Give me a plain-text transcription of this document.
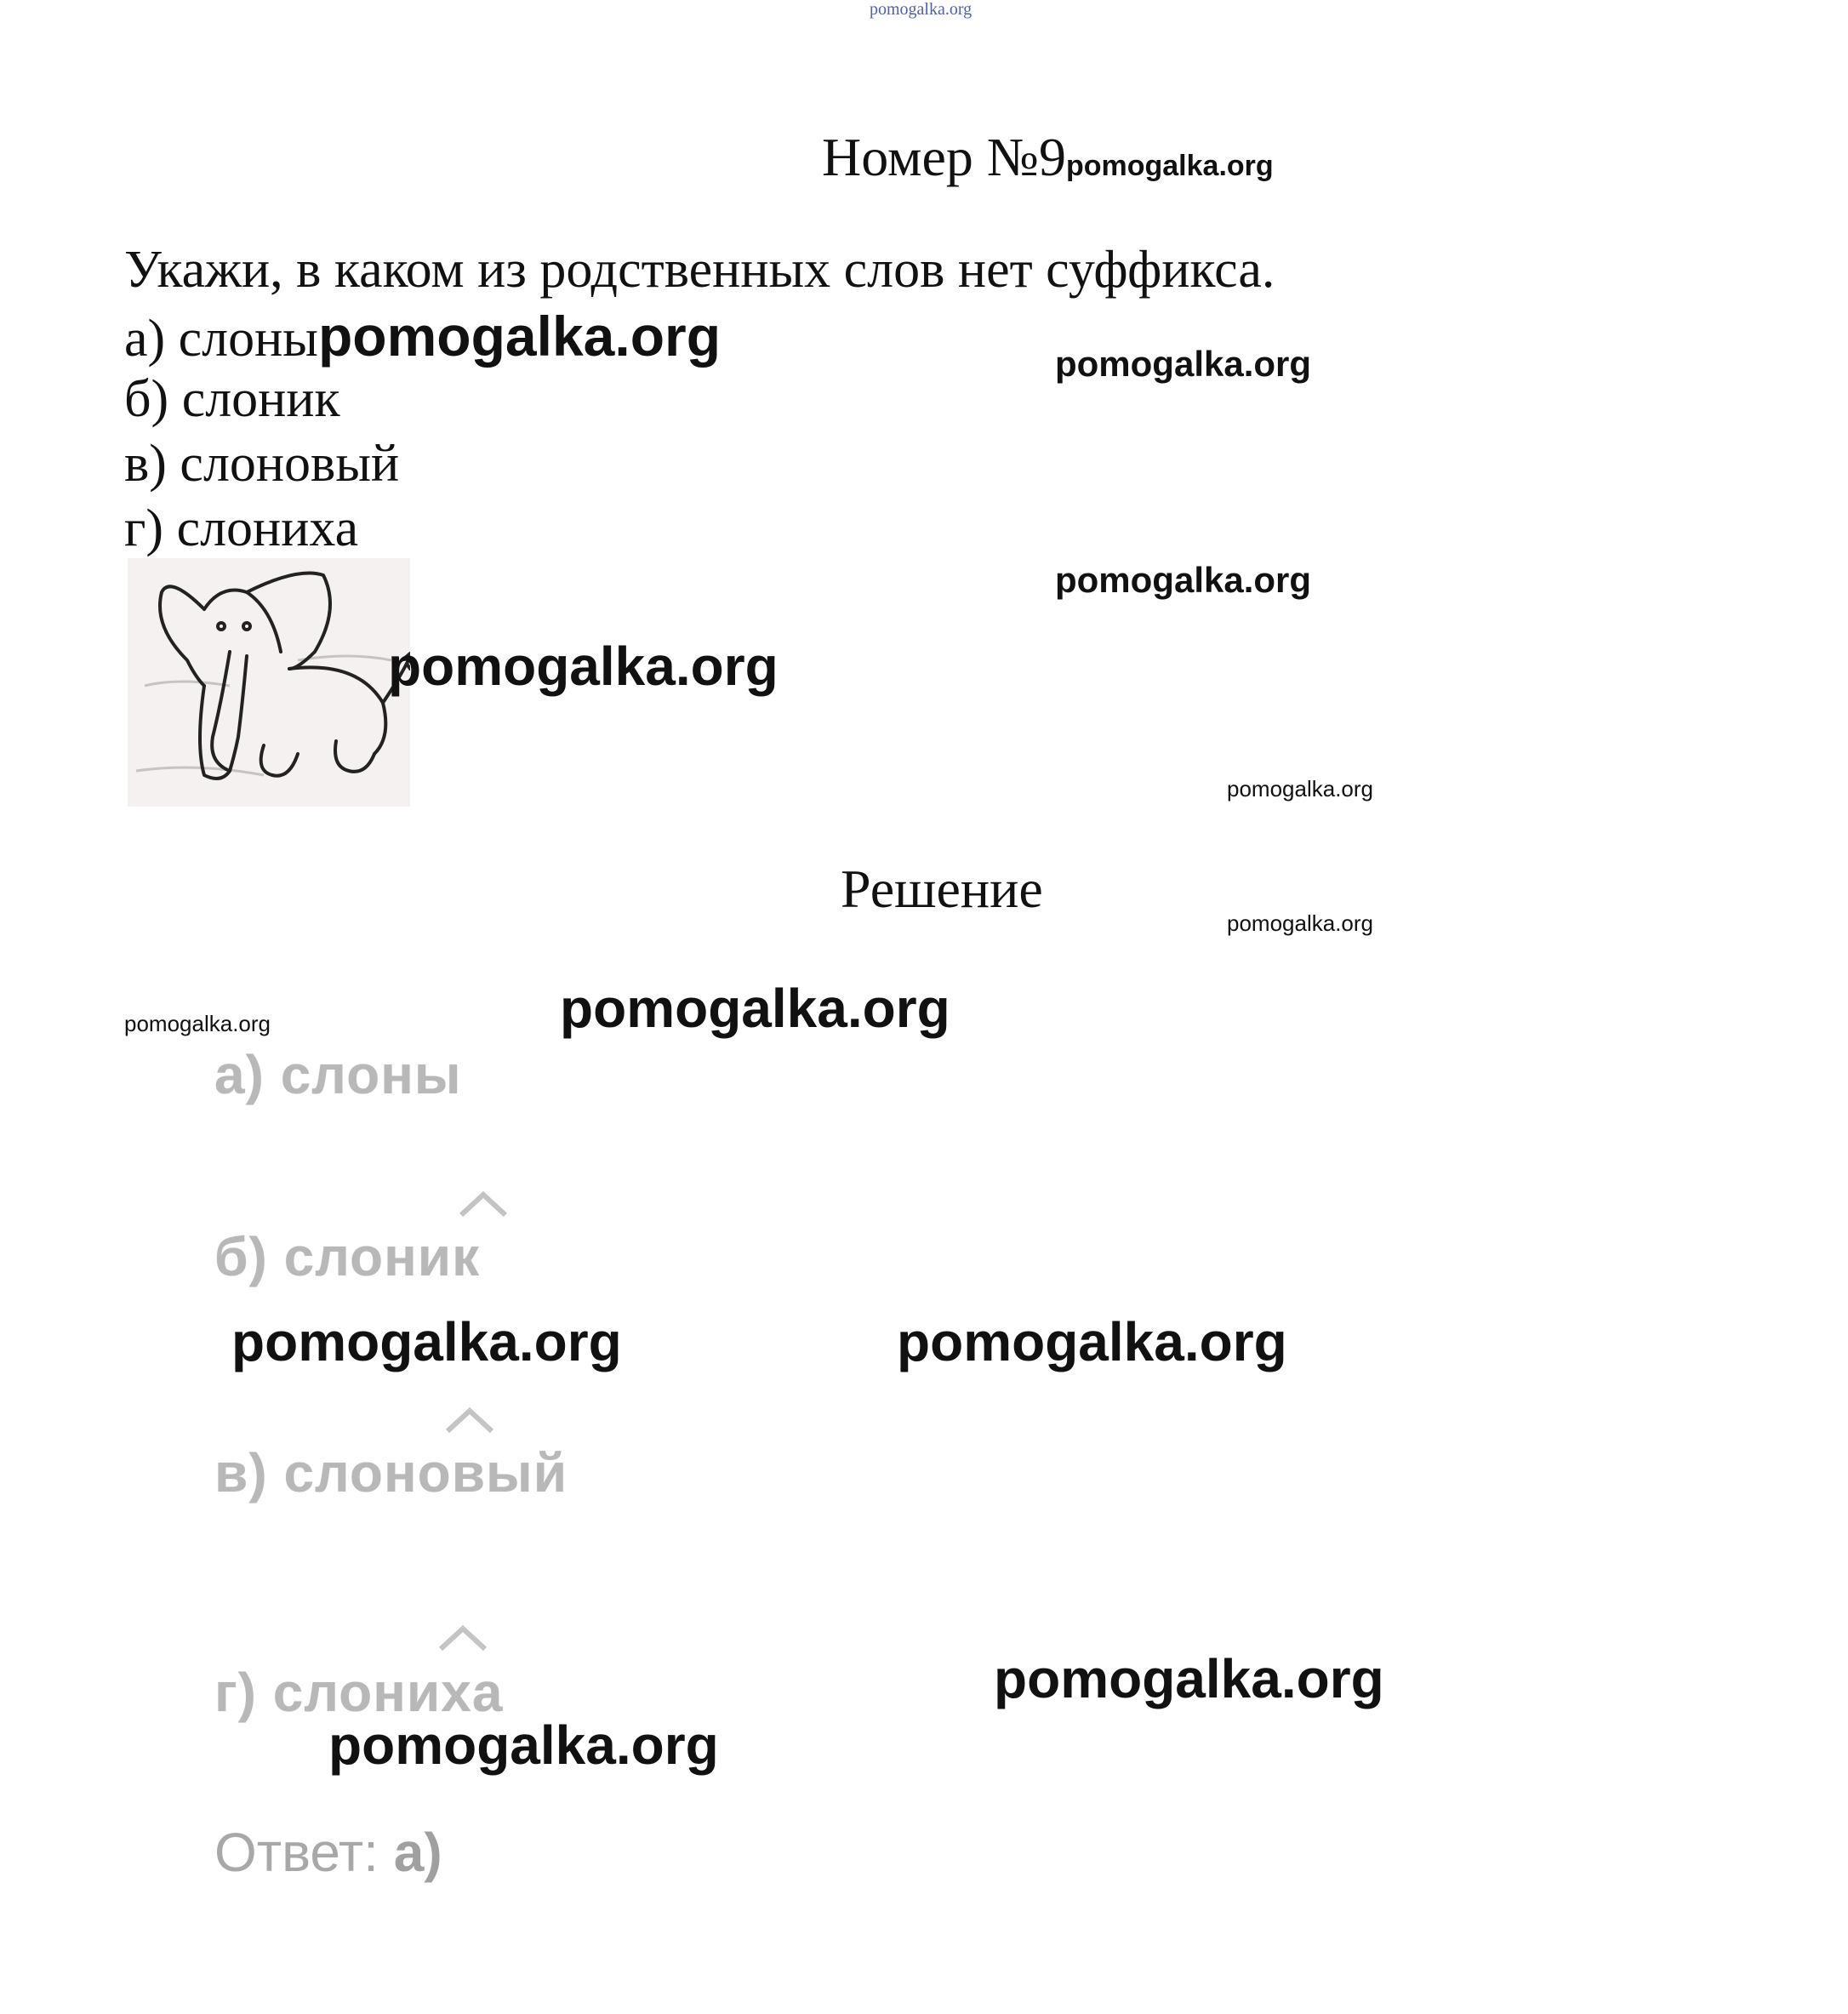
pomogalka.org
Номер №9pomogalka.org
Укажи, в каком из родственных слов нет суффикса.
а) слоныpomogalka.org
б) слоник
в) слоновый
г) слониха
pomogalka.org
pomogalka.org
pomogalka.org
pomogalka.org
Решение
pomogalka.org
pomogalka.org
pomogalka.org
а) слоны
б) слоник
pomogalka.org	pomogalka.org
в) слоновый
г) слониха	pomogalka.org
pomogalka.org
Ответ: а)
